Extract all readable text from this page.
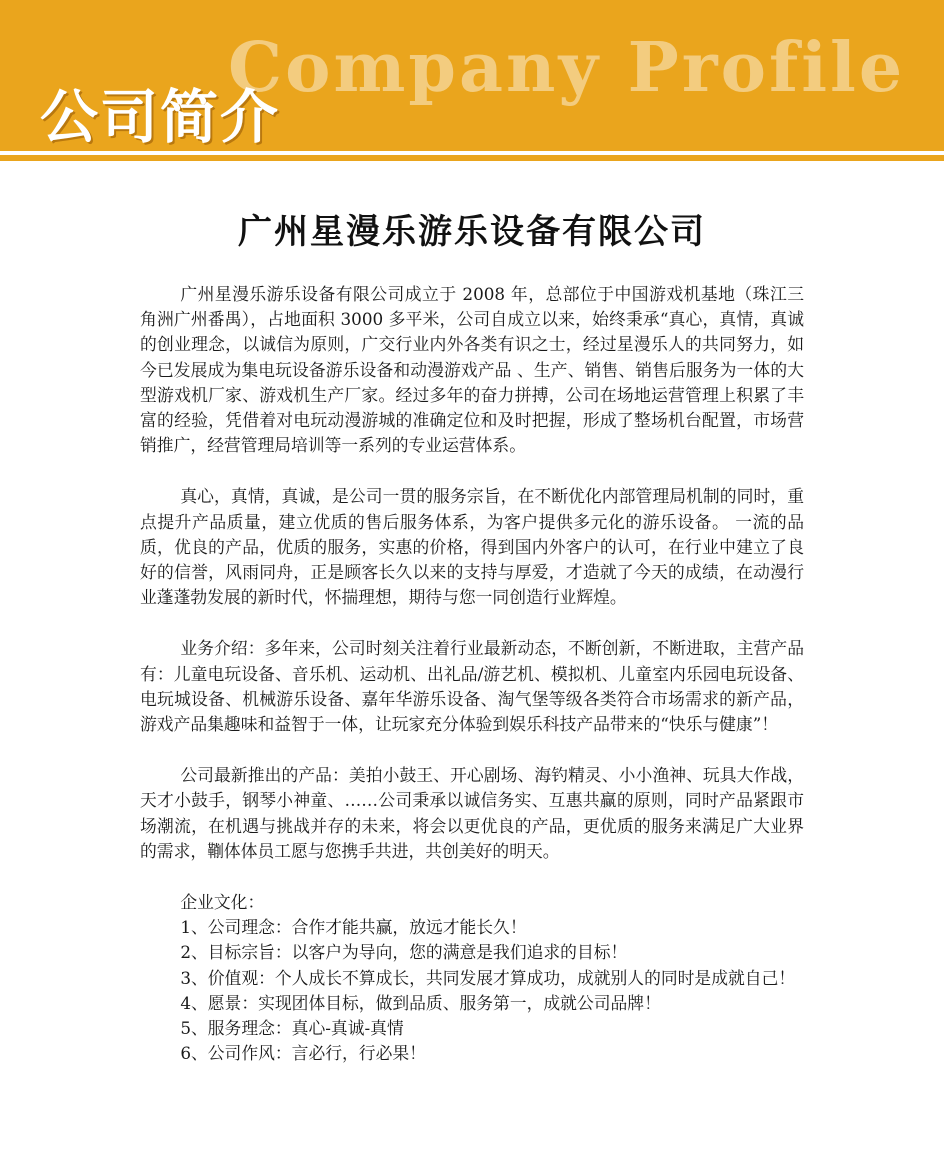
Company Profile
公司简介
广州星漫乐游乐设备有限公司

广州星漫乐游乐设备有限公司成立于 2008 年，总部位于中国游戏机基地（珠江三角洲广州番禺），占地面积 3000 多平米，公司自成立以来，始终秉承“真心，真情，真诚的创业理念，以诚信为原则，广交行业内外各类有识之士，经过星漫乐人的共同努力，如今已发展成为集电玩设备游乐设备和动漫游戏产品 、生产、销售、销售后服务为一体的大型游戏机厂家、游戏机生产厂家。经过多年的奋力拼搏，公司在场地运营管理上积累了丰富的经验，凭借着对电玩动漫游城的准确定位和及时把握，形成了整场机台配置，市场营销推广，经营管理局培训等一系列的专业运营体系。

真心，真情，真诚，是公司一贯的服务宗旨，在不断优化内部管理局机制的同时，重点提升产品质量，建立优质的售后服务体系，为客户提供多元化的游乐设备。 一流的品质，优良的产品，优质的服务，实惠的价格，得到国内外客户的认可，在行业中建立了良好的信誉，风雨同舟，正是顾客长久以来的支持与厚爱，才造就了今天的成绩，在动漫行业蓬蓬勃发展的新时代，怀揣理想，期待与您一同创造行业辉煌。

业务介绍：多年来，公司时刻关注着行业最新动态，不断创新，不断进取，主营产品有：儿童电玩设备、音乐机、运动机、出礼品/游艺机、模拟机、儿童室内乐园电玩设备、电玩城设备、机械游乐设备、嘉年华游乐设备、淘气堡等级各类符合市场需求的新产品，游戏产品集趣味和益智于一体，让玩家充分体验到娱乐科技产品带来的“快乐与健康”！

公司最新推出的产品：美拍小鼓王、开心剧场、海钓精灵、小小渔神、玩具大作战，天才小鼓手，钢琴小神童、……公司秉承以诚信务实、互惠共赢的原则，同时产品紧跟市场潮流，在机遇与挑战并存的未来，将会以更优良的产品，更优质的服务来满足广大业界的需求，鞩体体员工愿与您携手共进，共创美好的明天。

企业文化：
1、公司理念：合作才能共赢，放远才能长久！
2、目标宗旨：以客户为导向，您的满意是我们追求的目标！
3、价值观：个人成长不算成长，共同发展才算成功，成就别人的同时是成就自己！
4、愿景：实现团体目标，做到品质、服务第一，成就公司品牌！
5、服务理念：真心-真诚-真情
6、公司作风：言必行，行必果！
